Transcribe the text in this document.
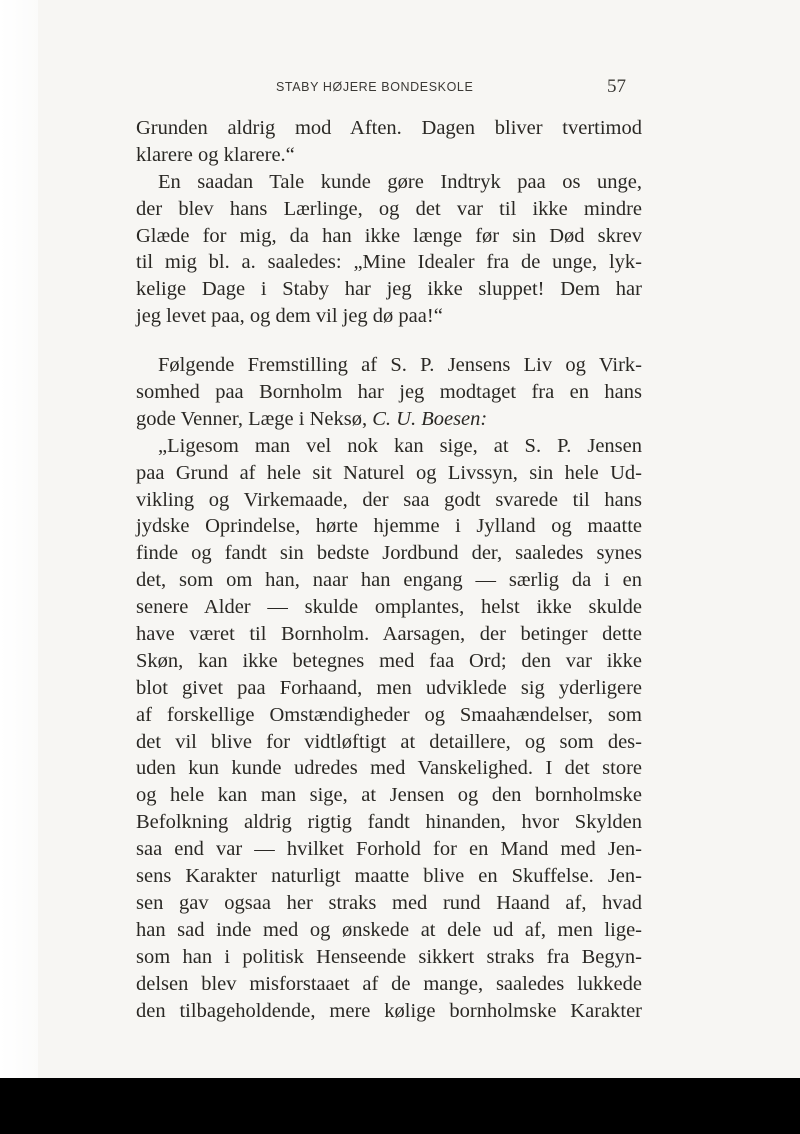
STABY HØJERE BONDESKOLE	57
Grunden aldrig mod Aften. Dagen bliver tvertimod
klarere og klarere.“
En saadan Tale kunde gøre Indtryk paa os unge,
der blev hans Lærlinge, og det var til ikke mindre
Glæde for mig, da han ikke længe før sin Død skrev
til mig bl. a. saaledes: „Mine Idealer fra de unge, lyk-
kelige Dage i Staby har jeg ikke sluppet! Dem har
jeg levet paa, og dem vil jeg dø paa!“
Følgende Fremstilling af S. P. Jensens Liv og Virk-
somhed paa Bornholm har jeg modtaget fra en hans
gode Venner, Læge i Neksø, C. U. Boesen:
„Ligesom man vel nok kan sige, at S. P. Jensen
paa Grund af hele sit Naturel og Livssyn, sin hele Ud-
vikling og Virkemaade, der saa godt svarede til hans
jydske Oprindelse, hørte hjemme i Jylland og maatte
finde og fandt sin bedste Jordbund der, saaledes synes
det, som om han, naar han engang — særlig da i en
senere Alder — skulde omplantes, helst ikke skulde
have været til Bornholm. Aarsagen, der betinger dette
Skøn, kan ikke betegnes med faa Ord; den var ikke
blot givet paa Forhaand, men udviklede sig yderligere
af forskellige Omstændigheder og Smaahændelser, som
det vil blive for vidtløftigt at detaillere, og som des-
uden kun kunde udredes med Vanskelighed. I det store
og hele kan man sige, at Jensen og den bornholmske
Befolkning aldrig rigtig fandt hinanden, hvor Skylden
saa end var — hvilket Forhold for en Mand med Jen-
sens Karakter naturligt maatte blive en Skuffelse. Jen-
sen gav ogsaa her straks med rund Haand af, hvad
han sad inde med og ønskede at dele ud af, men lige-
som han i politisk Henseende sikkert straks fra Begyn-
delsen blev misforstaaet af de mange, saaledes lukkede
den tilbageholdende, mere kølige bornholmske Karakter
